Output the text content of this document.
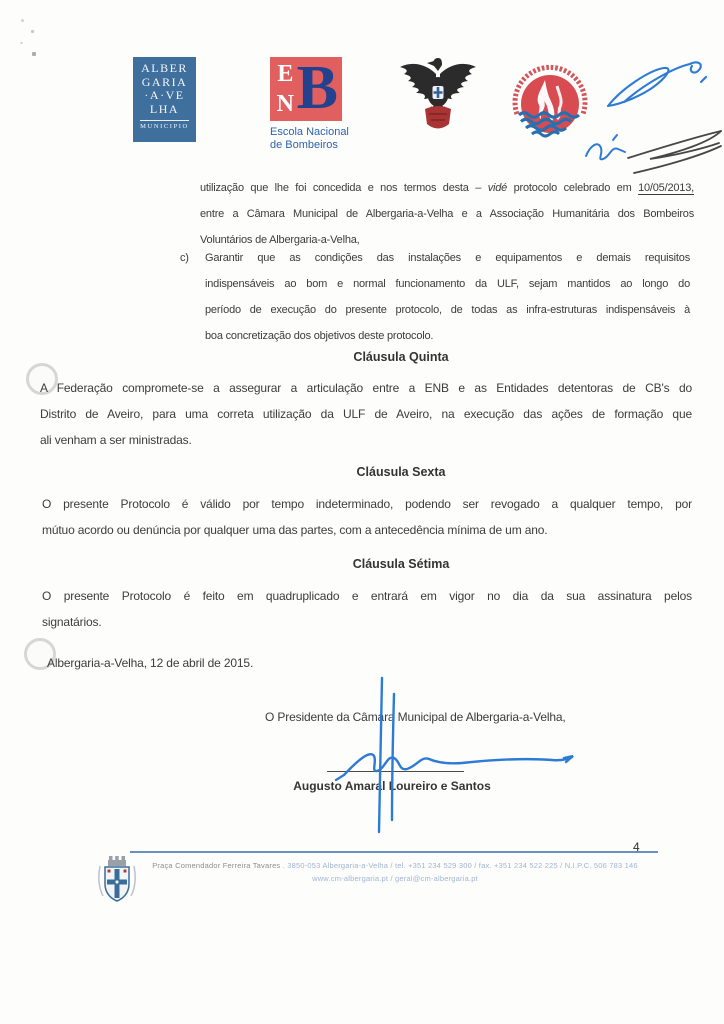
ALBER
GARIA
·A·VE
LHA
MUNICIPIO
E
N B
Escola Nacional
de Bombeiros
utilização que lhe foi concedida e nos termos desta – vidé protocolo celebrado em 10/05/2013,
entre a Câmara Municipal de Albergaria-a-Velha e a Associação Humanitária dos Bombeiros
Voluntários de Albergaria-a-Velha,
c)	Garantir que as condições das instalações e equipamentos e demais requisitos
indispensáveis ao bom e normal funcionamento da ULF, sejam mantidos ao longo do
período de execução do presente protocolo, de todas as infra-estruturas indispensáveis à
boa concretização dos objetivos deste protocolo.
Cláusula Quinta
A Federação compromete-se a assegurar a articulação entre a ENB e as Entidades detentoras de CB's do
Distrito de Aveiro, para uma correta utilização da ULF de Aveiro, na execução das ações de formação que
ali venham a ser ministradas.
Cláusula Sexta
O presente Protocolo é válido por tempo indeterminado, podendo ser revogado a qualquer tempo, por
mútuo acordo ou denúncia por qualquer uma das partes, com a antecedência mínima de um ano.
Cláusula Sétima
O presente Protocolo é feito em quadruplicado e entrará em vigor no dia da sua assinatura pelos
signatários.
Albergaria-a-Velha, 12 de abril de 2015.
O Presidente da Câmara Municipal de Albergaria-a-Velha,
Augusto Amaral Loureiro e Santos
4
Praça Comendador Ferreira Tavares . 3850-053 Albergaria-a-Velha / tel. +351 234 529 300 / fax. +351 234 522 225 / N.I.P.C. 506 783 146
www.cm-albergaria.pt / geral@cm-albergaria.pt
